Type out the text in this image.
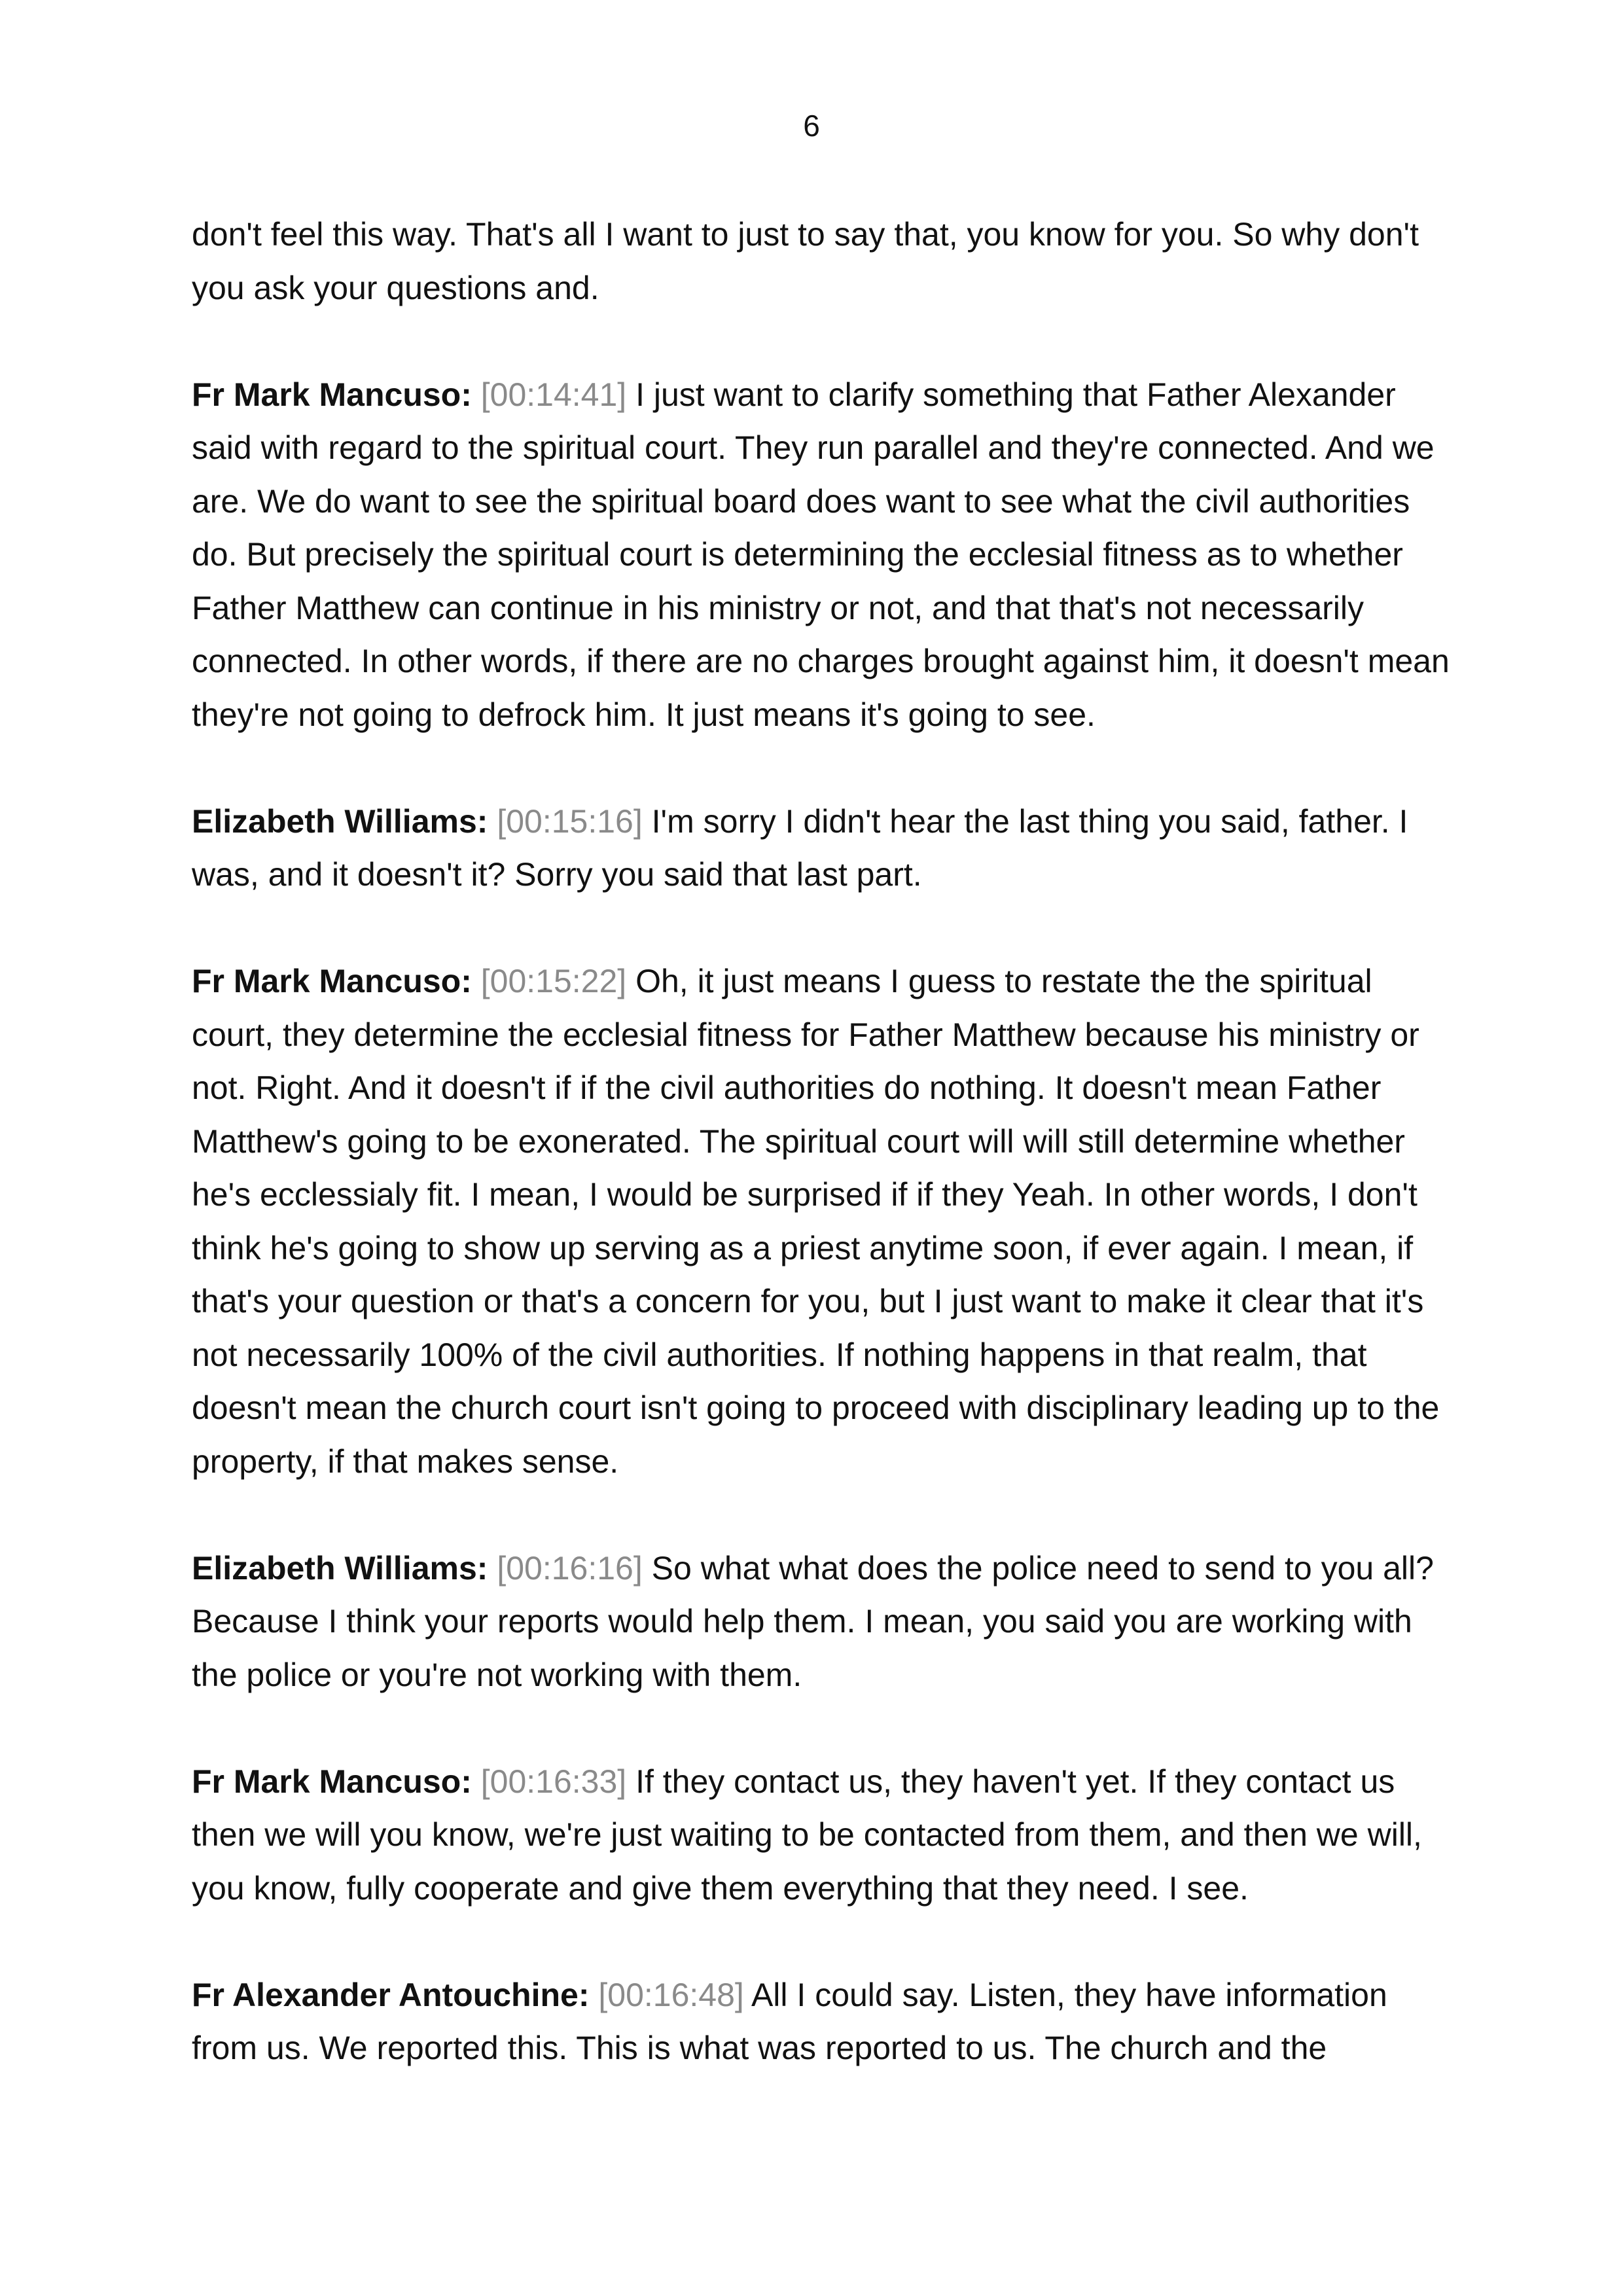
6

don't feel this way. That's all I want to just to say that, you know for you. So why don't you ask your questions and.

Fr Mark Mancuso: [00:14:41] I just want to clarify something that Father Alexander said with regard to the spiritual court. They run parallel and they're connected. And we are. We do want to see the spiritual board does want to see what the civil authorities do. But precisely the spiritual court is determining the ecclesial fitness as to whether Father Matthew can continue in his ministry or not, and that that's not necessarily connected. In other words, if there are no charges brought against him, it doesn't mean they're not going to defrock him. It just means it's going to see.

Elizabeth Williams: [00:15:16] I'm sorry I didn't hear the last thing you said, father. I was, and it doesn't it? Sorry you said that last part.

Fr Mark Mancuso: [00:15:22] Oh, it just means I guess to restate the the spiritual court, they determine the ecclesial fitness for Father Matthew because his ministry or not. Right. And it doesn't if if the civil authorities do nothing. It doesn't mean Father Matthew's going to be exonerated. The spiritual court will will still determine whether he's ecclessialy fit. I mean, I would be surprised if if they Yeah. In other words, I don't think he's going to show up serving as a priest anytime soon, if ever again. I mean, if that's your question or that's a concern for you, but I just want to make it clear that it's not necessarily 100% of the civil authorities. If nothing happens in that realm, that doesn't mean the church court isn't going to proceed with disciplinary leading up to the property, if that makes sense.

Elizabeth Williams: [00:16:16] So what what does the police need to send to you all? Because I think your reports would help them. I mean, you said you are working with the police or you're not working with them.

Fr Mark Mancuso: [00:16:33] If they contact us, they haven't yet. If they contact us then we will you know, we're just waiting to be contacted from them, and then we will, you know, fully cooperate and give them everything that they need. I see.

Fr Alexander Antouchine: [00:16:48] All I could say. Listen, they have information from us. We reported this. This is what was reported to us. The church and the
